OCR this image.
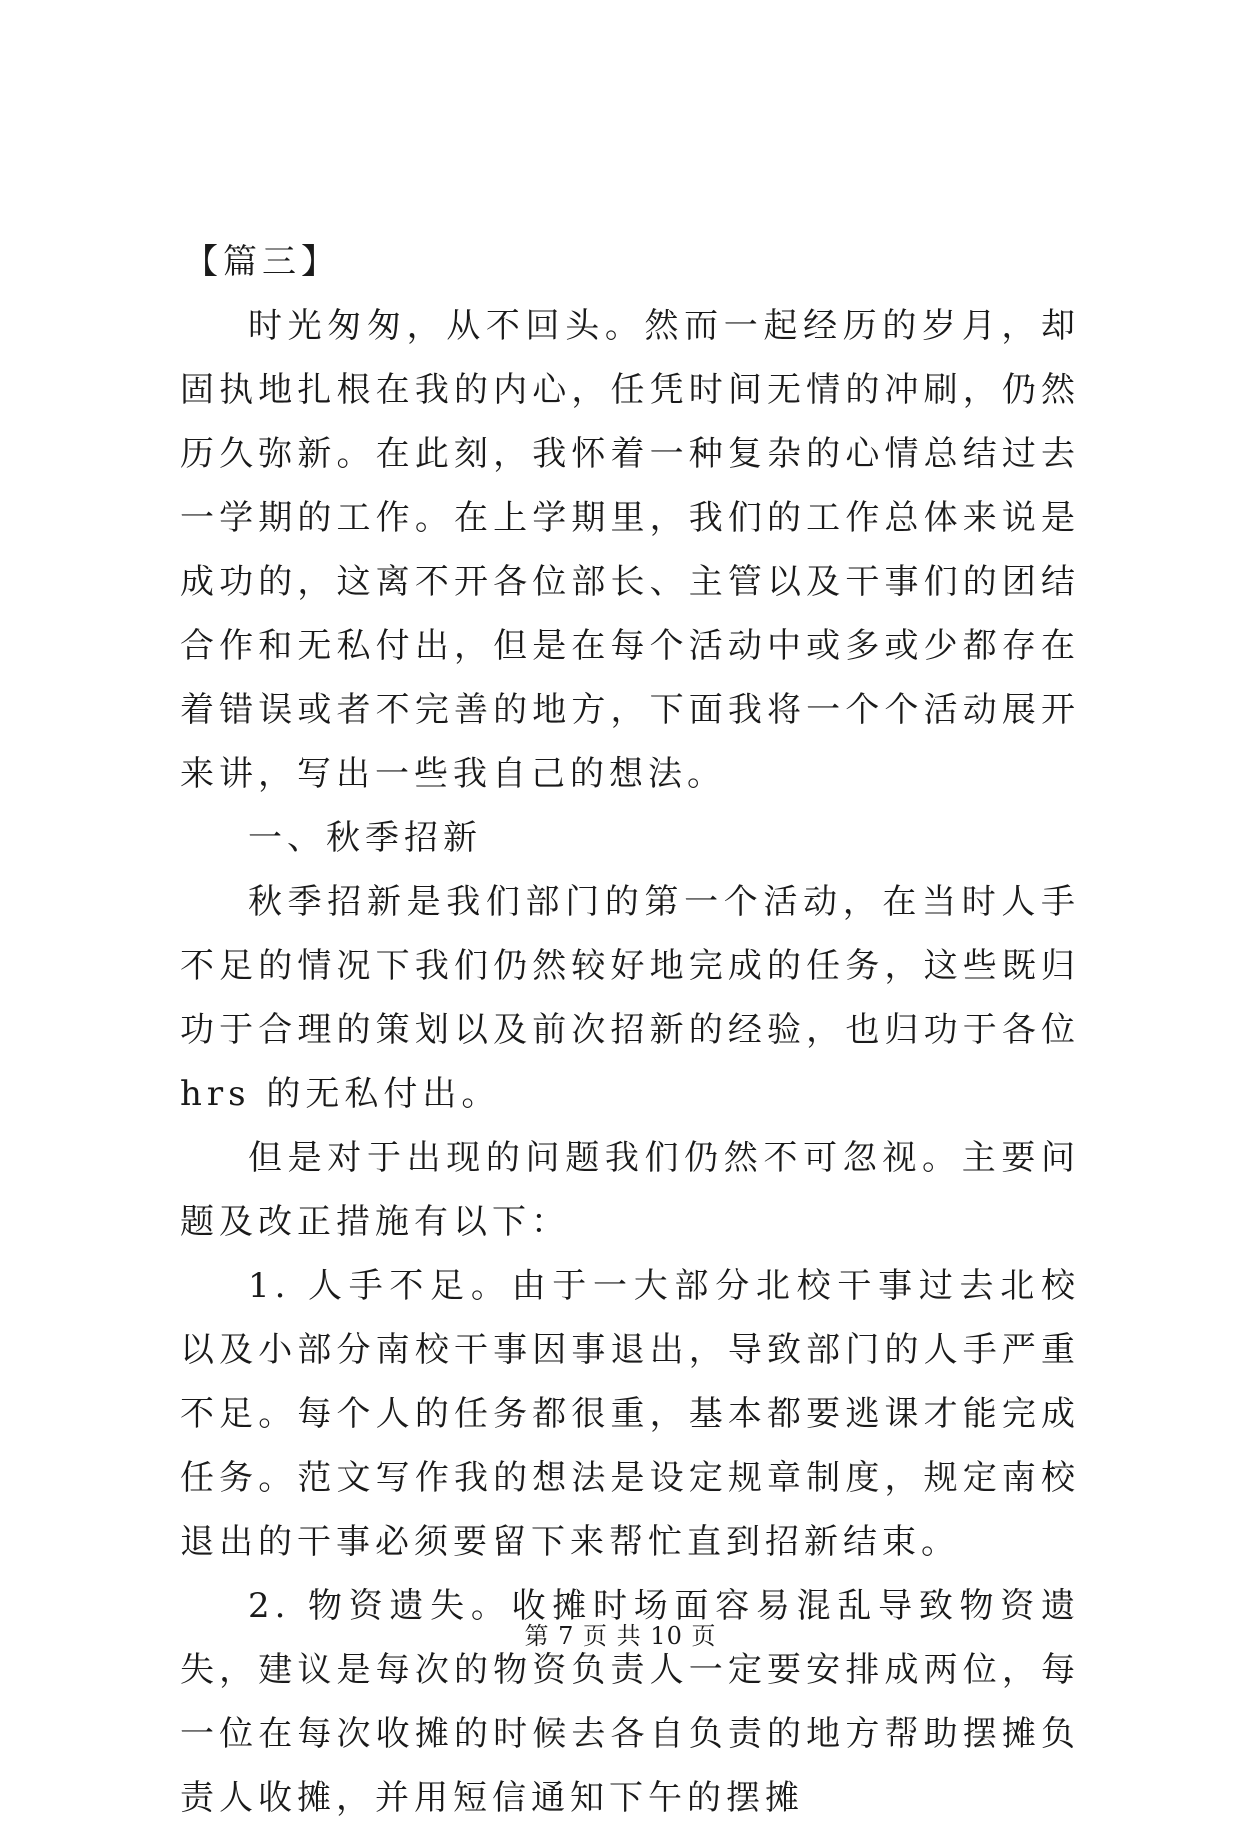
【篇三】

时光匆匆，从不回头。然而一起经历的岁月，却固执地扎根在我的内心，任凭时间无情的冲刷，仍然历久弥新。在此刻，我怀着一种复杂的心情总结过去一学期的工作。在上学期里，我们的工作总体来说是成功的，这离不开各位部长、主管以及干事们的团结合作和无私付出，但是在每个活动中或多或少都存在着错误或者不完善的地方，下面我将一个个活动展开来讲，写出一些我自己的想法。

一、秋季招新

秋季招新是我们部门的第一个活动，在当时人手不足的情况下我们仍然较好地完成的任务，这些既归功于合理的策划以及前次招新的经验，也归功于各位 hrs 的无私付出。

但是对于出现的问题我们仍然不可忽视。主要问题及改正措施有以下：

1. 人手不足。由于一大部分北校干事过去北校以及小部分南校干事因事退出，导致部门的人手严重不足。每个人的任务都很重，基本都要逃课才能完成任务。范文写作我的想法是设定规章制度，规定南校退出的干事必须要留下来帮忙直到招新结束。

2. 物资遗失。收摊时场面容易混乱导致物资遗失，建议是每次的物资负责人一定要安排成两位，每一位在每次收摊的时候去各自负责的地方帮助摆摊负责人收摊，并用短信通知下午的摆摊

第 7 页 共 10 页
